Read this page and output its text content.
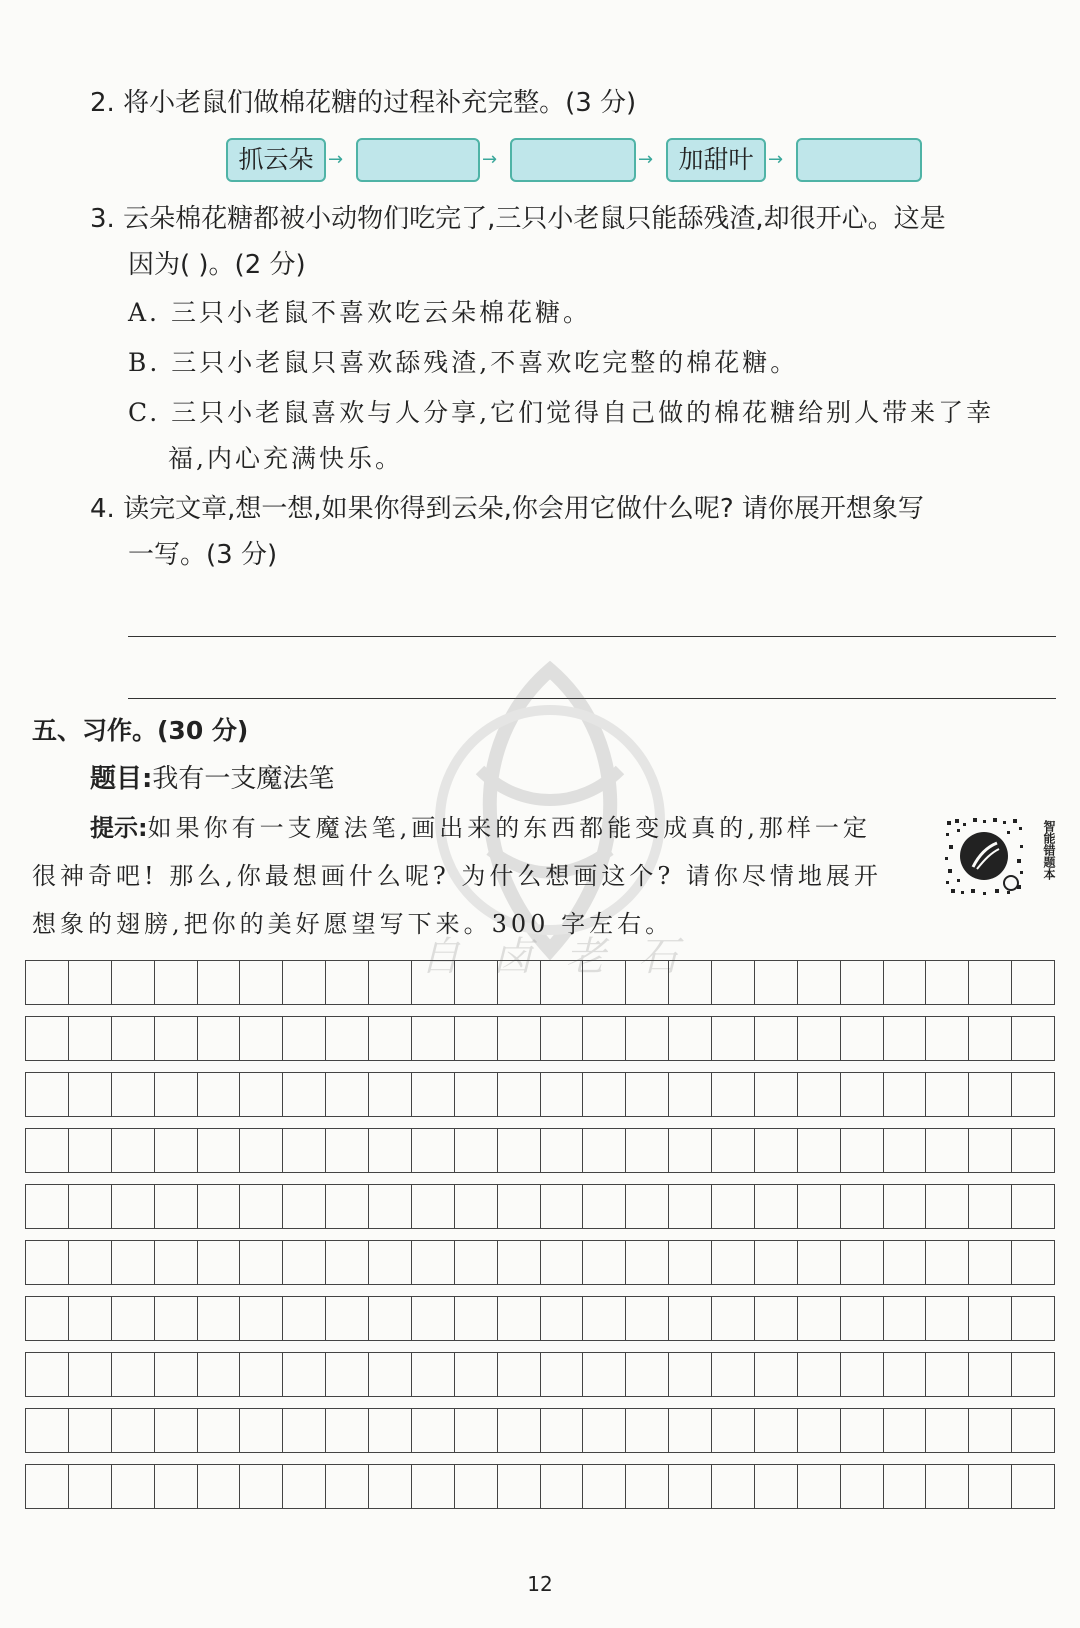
2. 将小老鼠们做棉花糖的过程补充完整。(3 分)
抓云朵 →	→	→	加甜叶 →
3. 云朵棉花糖都被小动物们吃完了,三只小老鼠只能舔残渣,却很开心。这是
因为( )。(2 分)
A. 三只小老鼠不喜欢吃云朵棉花糖。
B. 三只小老鼠只喜欢舔残渣,不喜欢吃完整的棉花糖。
C. 三只小老鼠喜欢与人分享,它们觉得自己做的棉花糖给别人带来了幸
福,内心充满快乐。
4. 读完文章,想一想,如果你得到云朵,你会用它做什么呢? 请你展开想象写
一写。(3 分)
五、习作。(30 分)
题目:我有一支魔法笔
提示:如果你有一支魔法笔,画出来的东西都能变成真的,那样一定
很神奇吧! 那么,你最想画什么呢? 为什么想画这个? 请你尽情地展开
想象的翅膀,把你的美好愿望写下来。300 字左右。
自 卤 老 石
智能错题本
12
